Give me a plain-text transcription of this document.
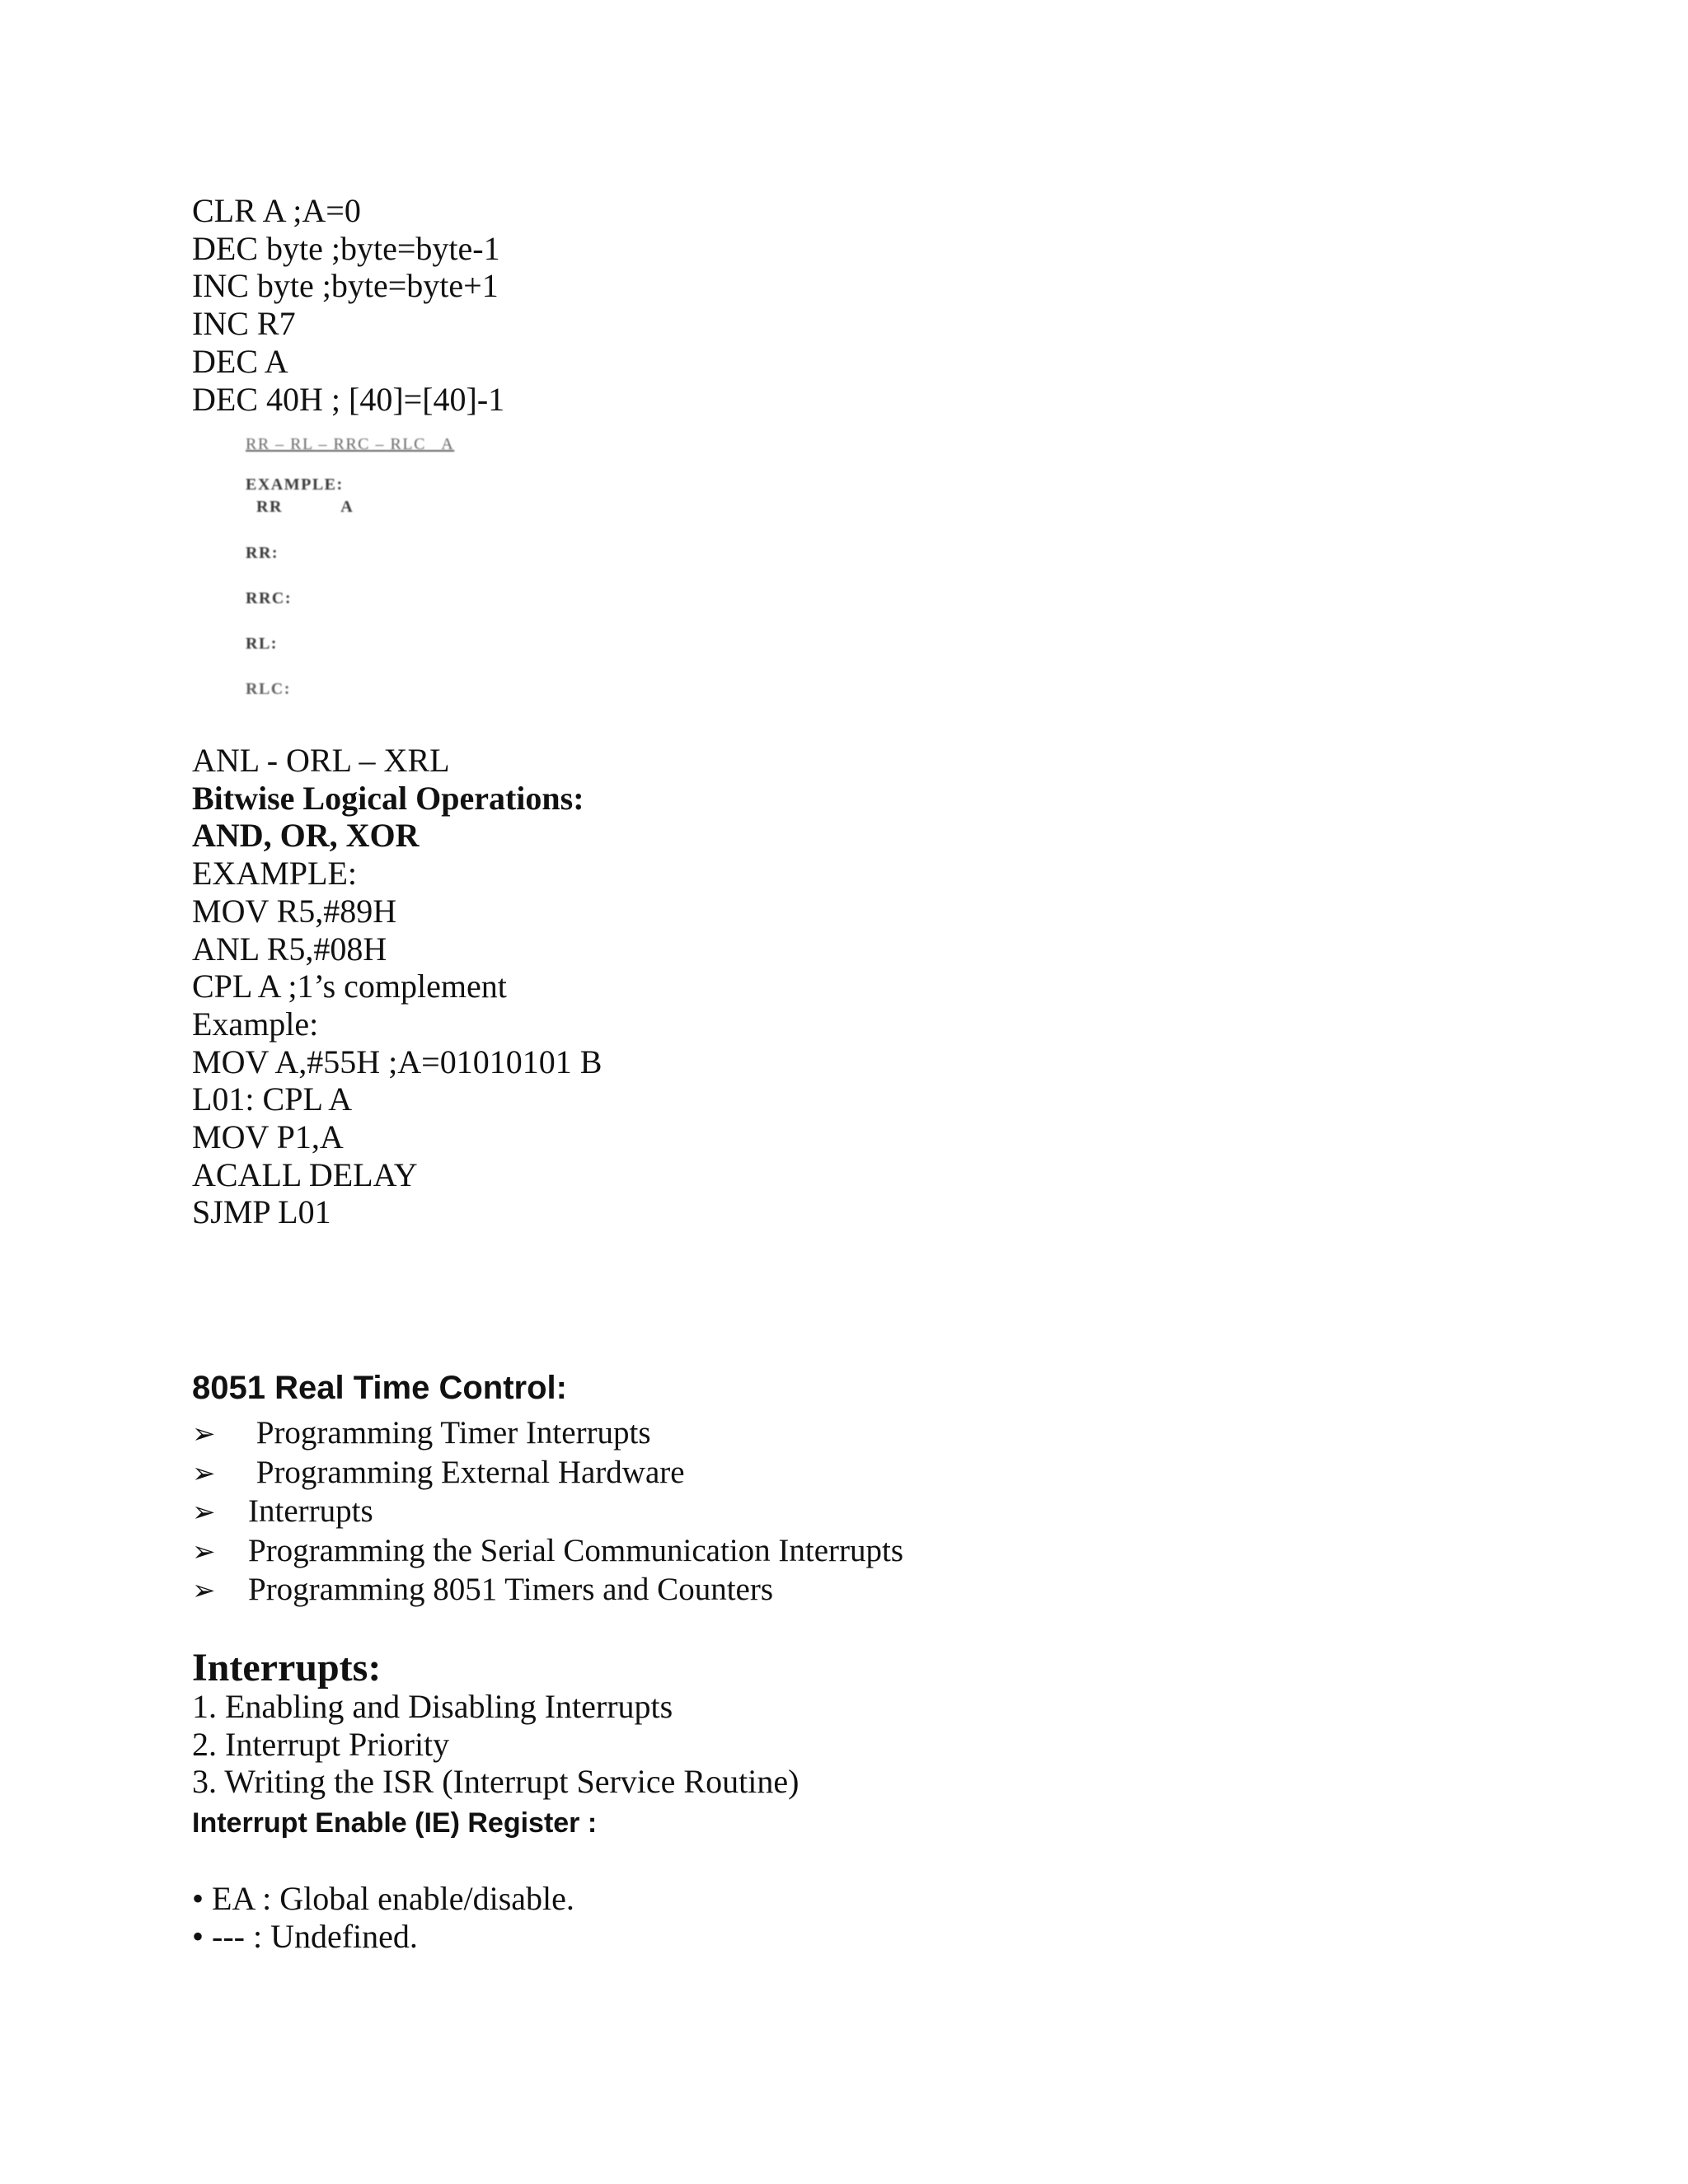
CLR A ;A=0
DEC byte ;byte=byte-1
INC byte ;byte=byte+1
INC R7
DEC A
DEC 40H ; [40]=[40]-1
RR – RL – RRC – RLC   A
EXAMPLE:
RR           A
RR:
RRC:
RL:
RLC:
ANL - ORL – XRL
Bitwise Logical Operations:
AND, OR, XOR
EXAMPLE:
MOV R5,#89H
ANL R5,#08H
CPL A ;1’s complement
Example:
MOV A,#55H ;A=01010101 B
L01: CPL A
MOV P1,A
ACALL DELAY
SJMP L01
8051 Real Time Control:
➢ Programming Timer Interrupts
➢ Programming External Hardware
➢ Interrupts
➢ Programming the Serial Communication Interrupts
➢ Programming 8051 Timers and Counters
Interrupts:
1. Enabling and Disabling Interrupts
2. Interrupt Priority
3. Writing the ISR (Interrupt Service Routine)
Interrupt Enable (IE) Register :
• EA : Global enable/disable.
• --- : Undefined.
